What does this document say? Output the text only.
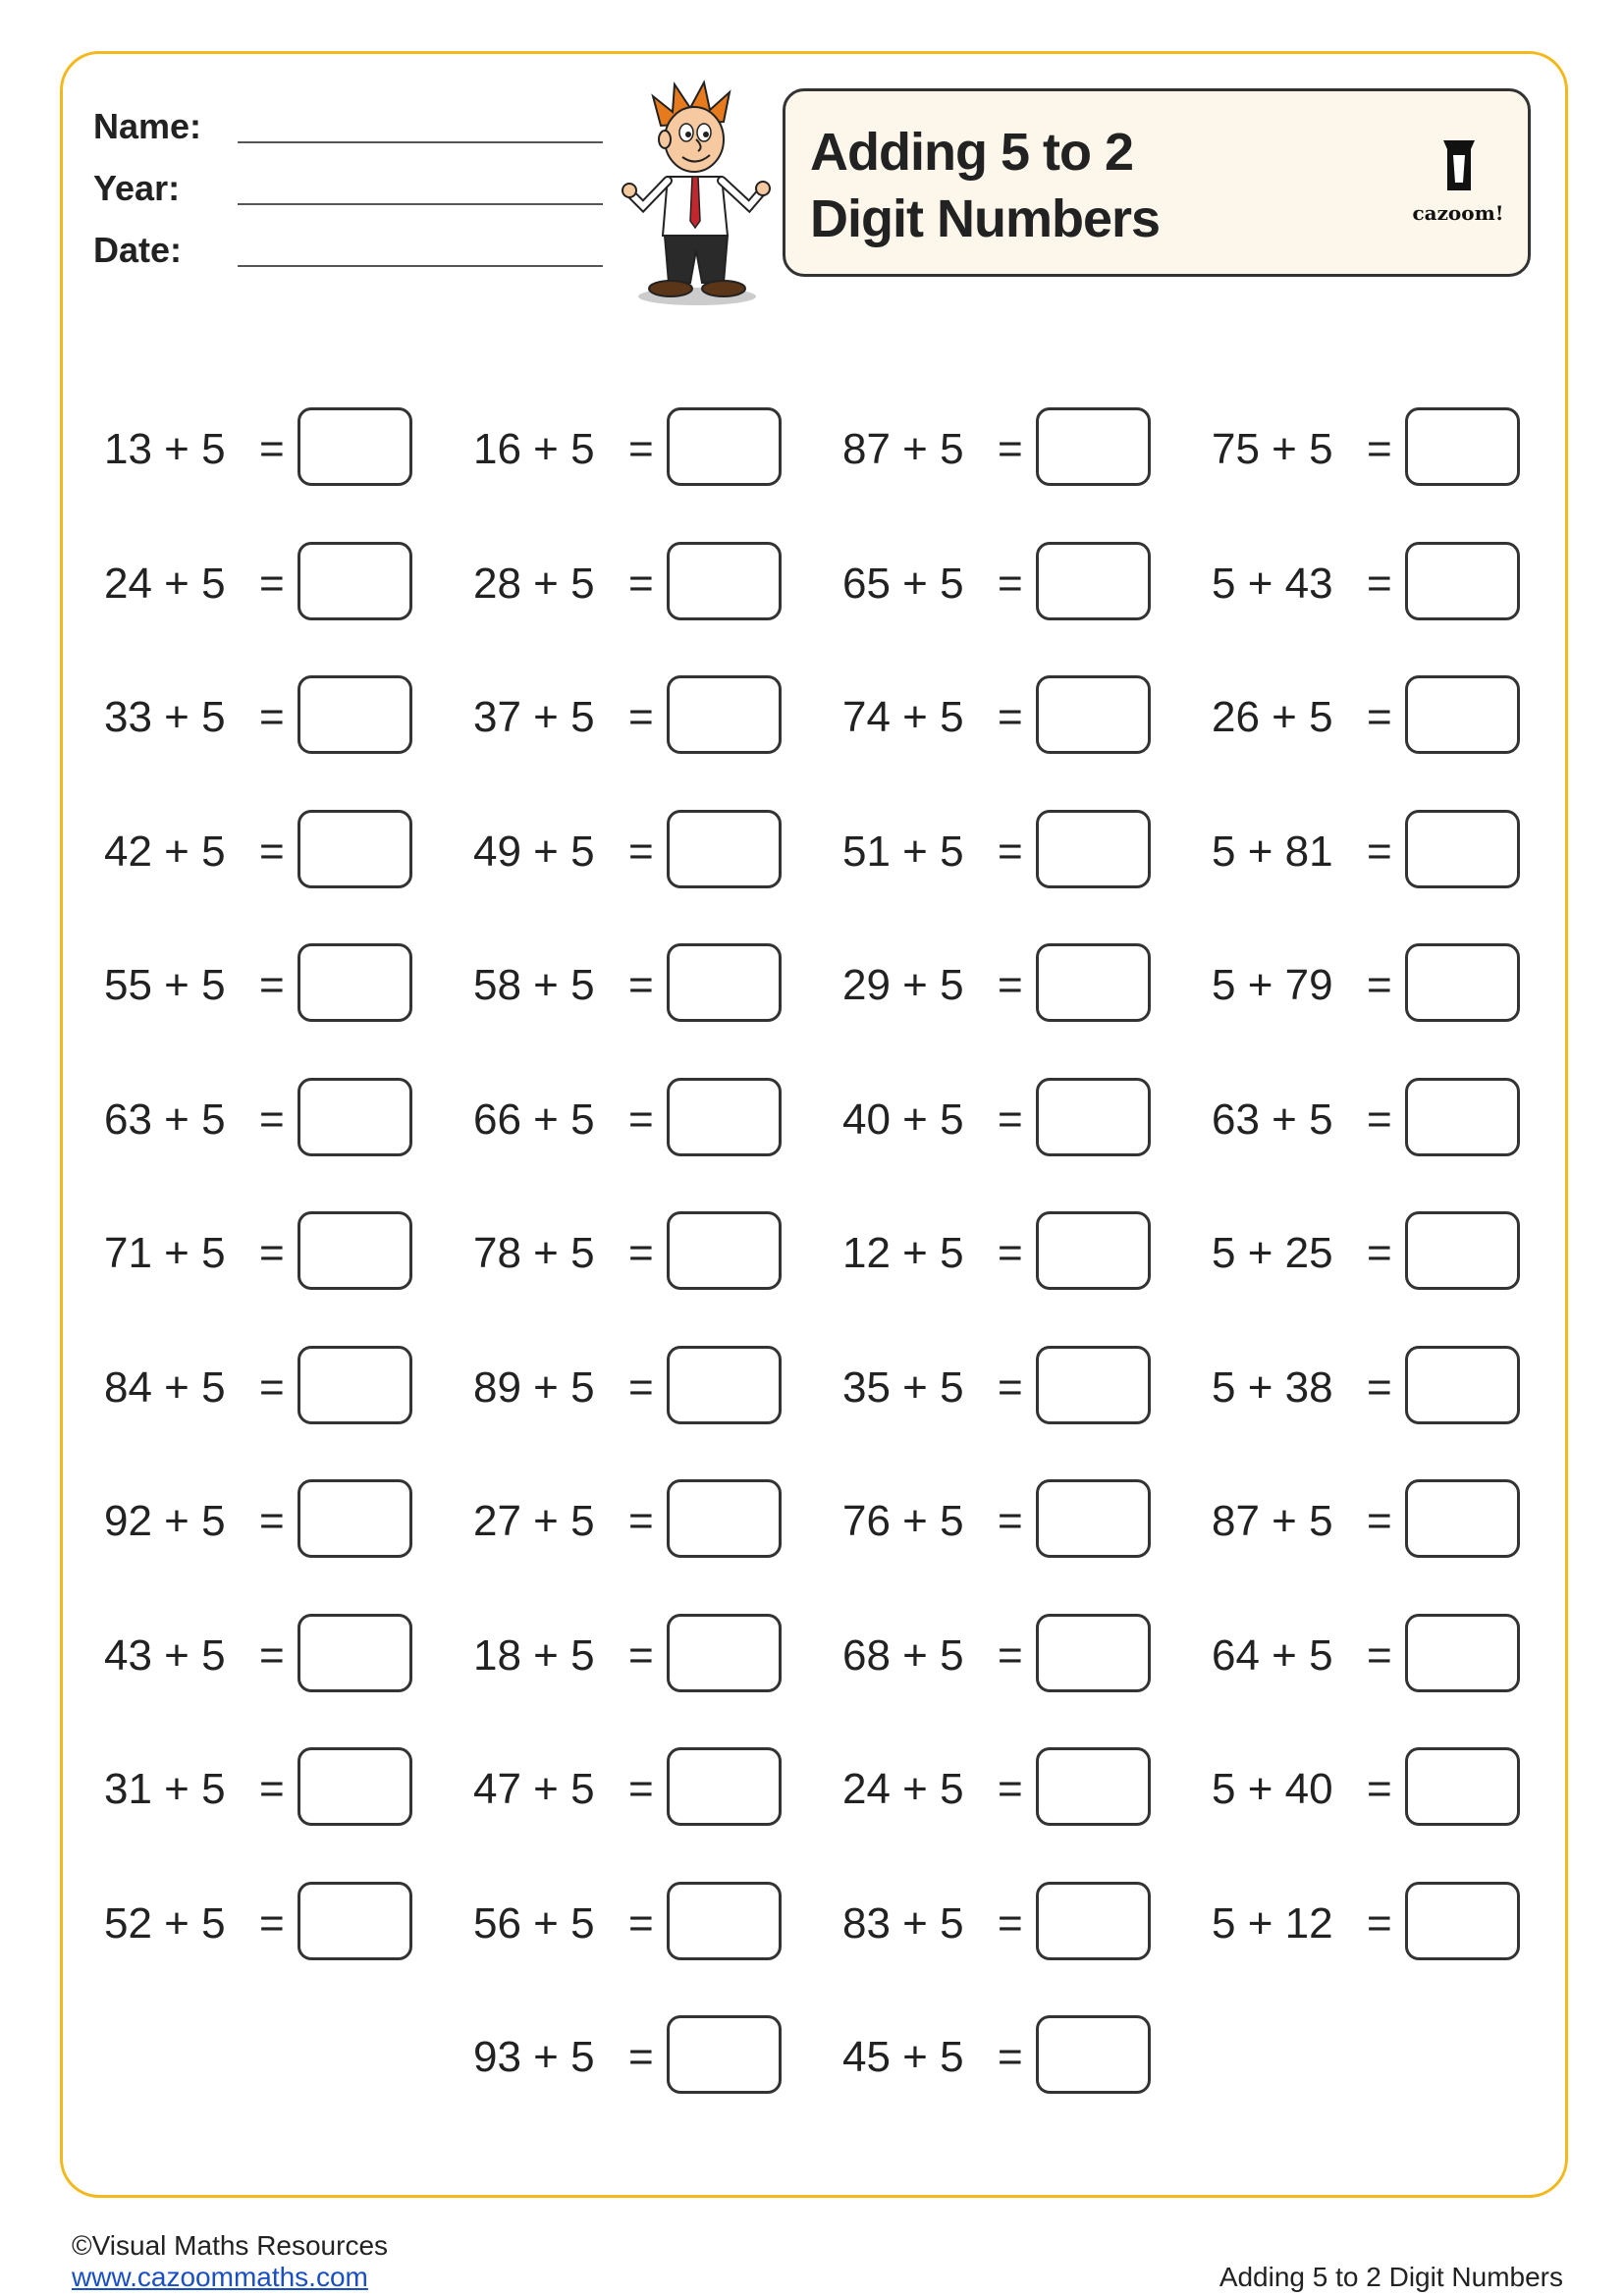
Name:
Year:
Date:
Adding 5 to 2
Digit Numbers	cazoom!
13 + 5 =
24 + 5 =
33 + 5 =
42 + 5 =
55 + 5 =
63 + 5 =
71 + 5 =
84 + 5 =
92 + 5 =
43 + 5 =
31 + 5 =
52 + 5 =
16 + 5 =
28 + 5 =
37 + 5 =
49 + 5 =
58 + 5 =
66 + 5 =
78 + 5 =
89 + 5 =
27 + 5 =
18 + 5 =
47 + 5 =
56 + 5 =
93 + 5 =
87 + 5 =
65 + 5 =
74 + 5 =
51 + 5 =
29 + 5 =
40 + 5 =
12 + 5 =
35 + 5 =
76 + 5 =
68 + 5 =
24 + 5 =
83 + 5 =
45 + 5 =
75 + 5 =
5 + 43 =
26 + 5 =
5 + 81 =
5 + 79 =
63 + 5 =
5 + 25 =
5 + 38 =
87 + 5 =
64 + 5 =
5 + 40 =
5 + 12 =
©Visual Maths Resources
www.cazoommaths.com	Adding 5 to 2 Digit Numbers
